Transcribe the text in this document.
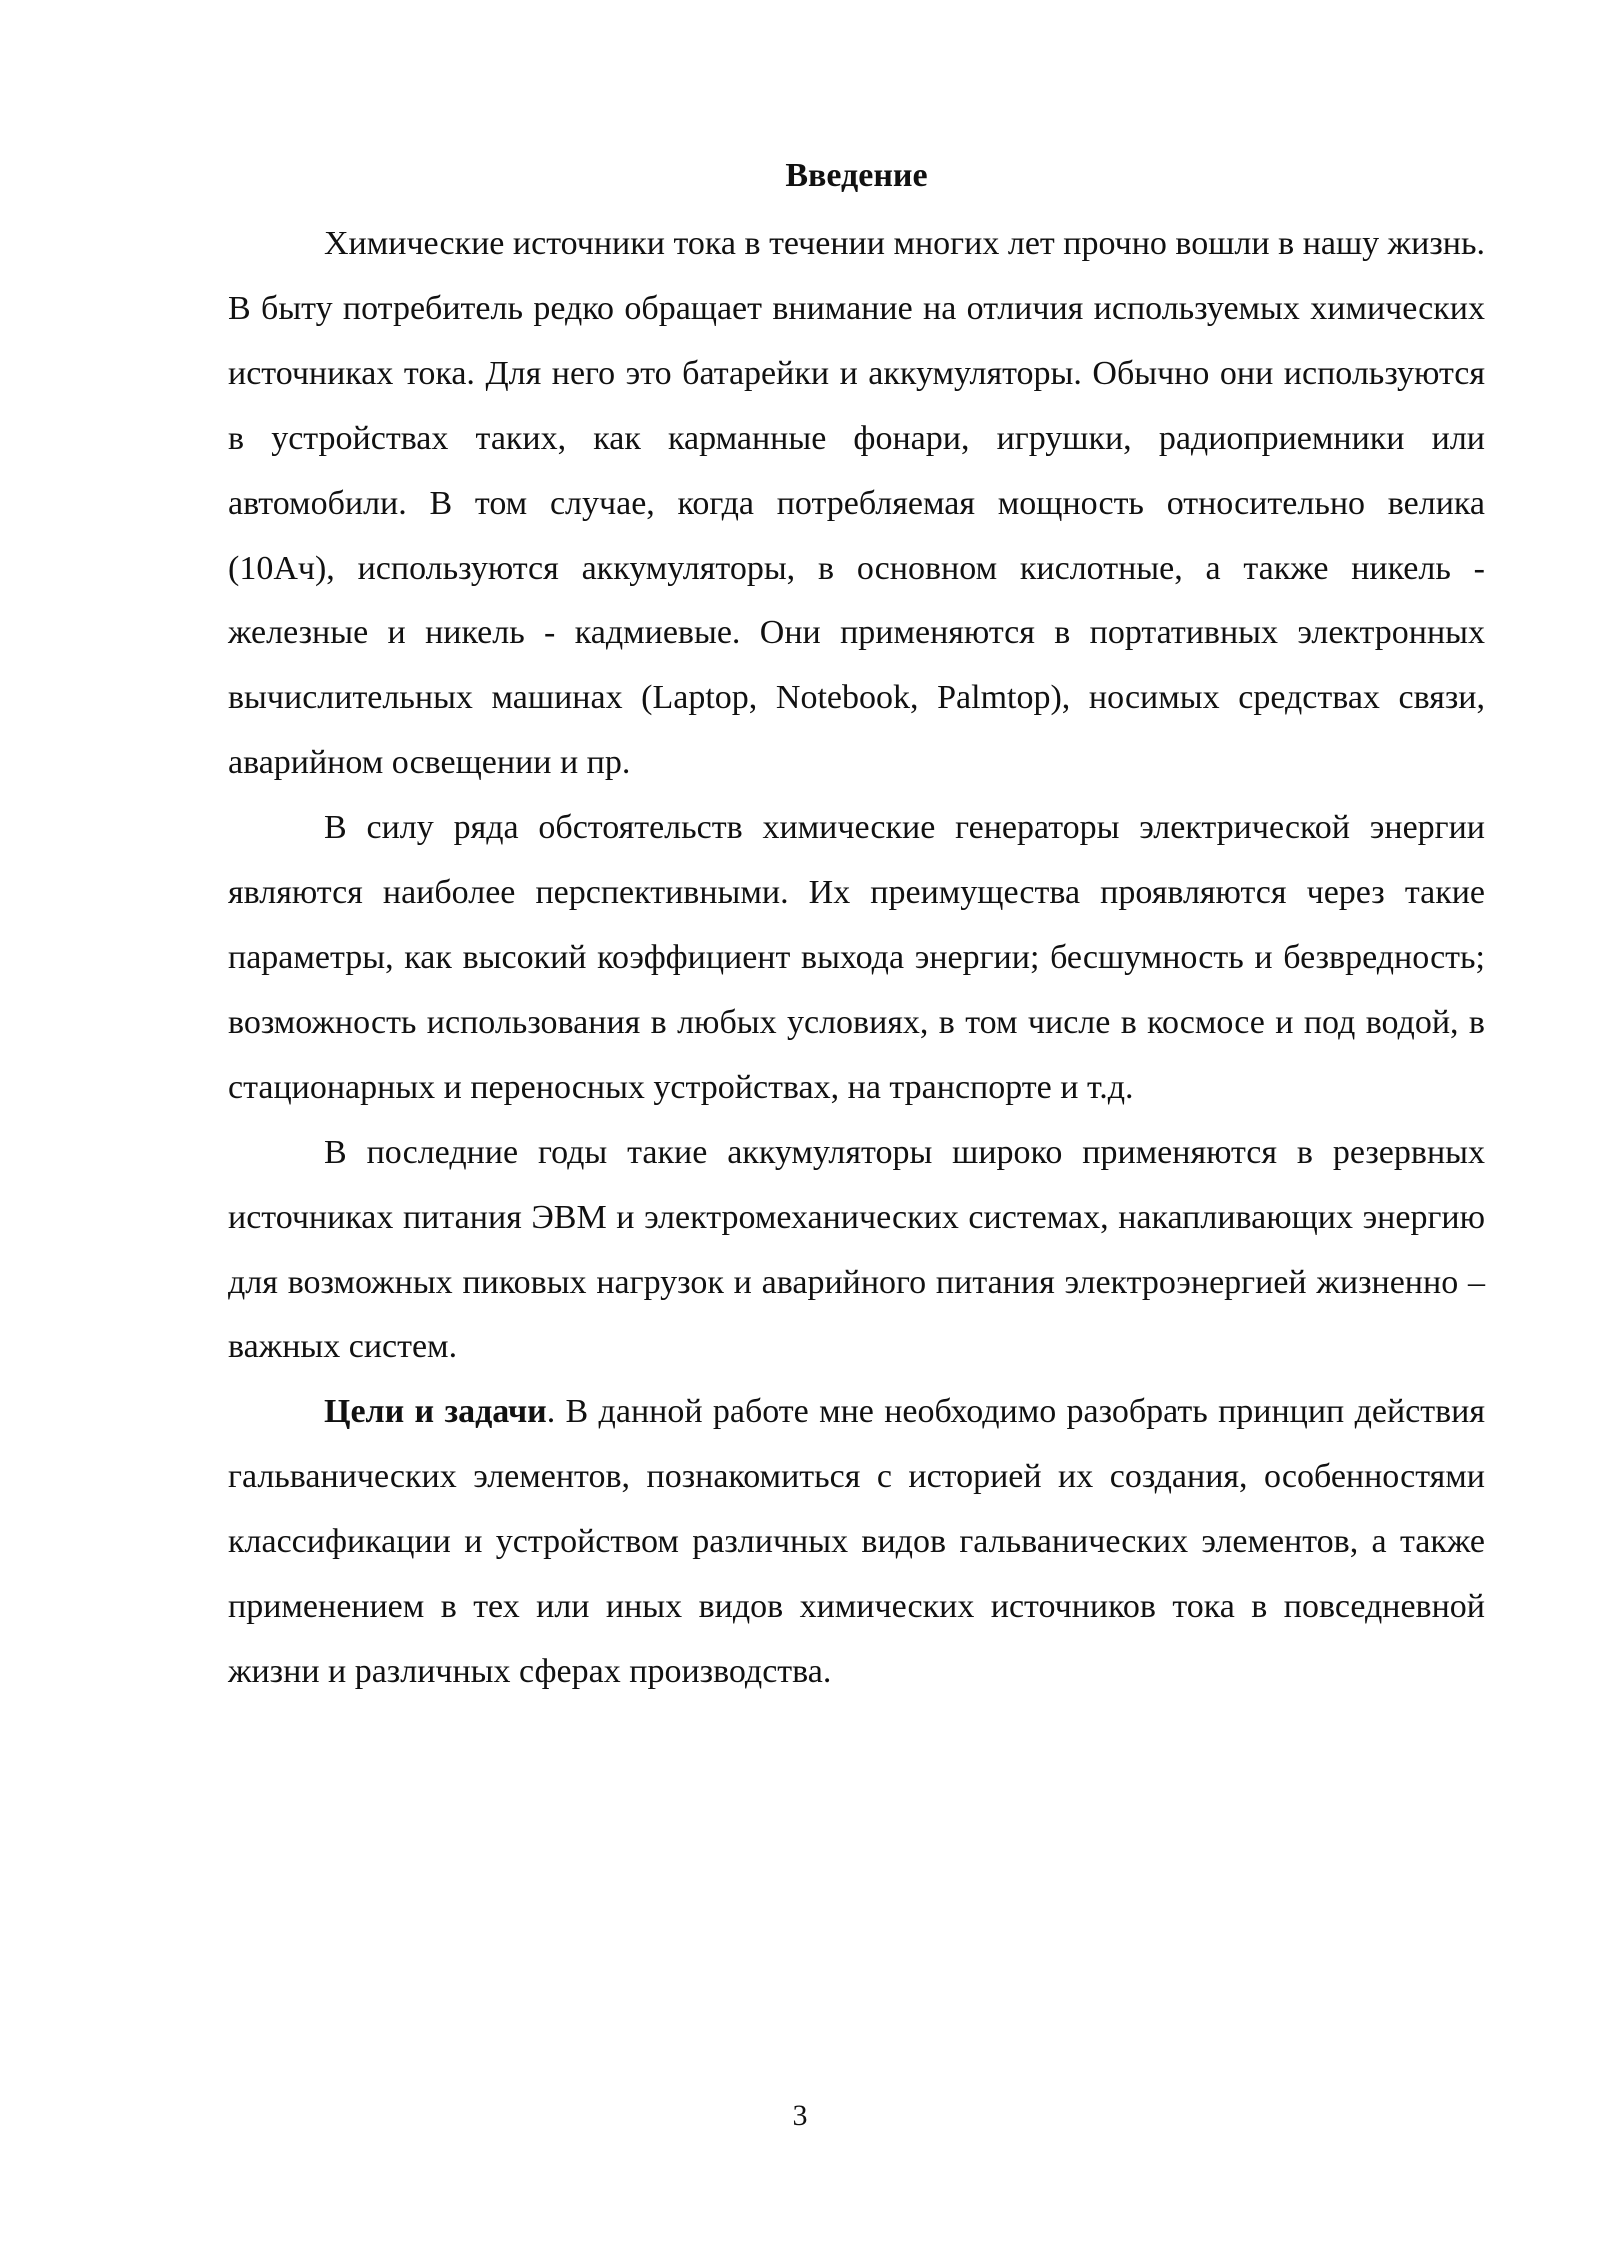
Введение

Химические источники тока в течении многих лет прочно вошли в нашу жизнь. В быту потребитель редко обращает внимание на отличия используемых химических источниках тока. Для него это батарейки и аккумуляторы. Обычно они используются в устройствах таких, как карманные фонари, игрушки, радиоприемники или автомобили. В том случае, когда потребляемая мощность относительно велика (10Ач), используются аккумуляторы, в основном кислотные, а также никель - железные и никель - кадмиевые. Они применяются в портативных электронных вычислительных машинах (Laptop, Notebook, Palmtop), носимых средствах связи, аварийном освещении и пр.

В силу ряда обстоятельств химические генераторы электрической энергии являются наиболее перспективными. Их преимущества проявляются через такие параметры, как высокий коэффициент выхода энергии; бесшумность и безвредность; возможность использования в любых условиях, в том числе в космосе и под водой, в стационарных и переносных устройствах, на транспорте и т.д.

В последние годы такие аккумуляторы широко применяются в резервных источниках питания ЭВМ и электромеханических системах, накапливающих энергию для возможных пиковых нагрузок и аварийного питания электроэнергией жизненно – важных систем.

Цели и задачи. В данной работе мне необходимо разобрать принцип действия гальванических элементов, познакомиться с историей их создания, особенностями классификации и устройством различных видов гальванических элементов, а также применением в тех или иных видов химических источников тока в повседневной жизни и различных сферах производства.

3
